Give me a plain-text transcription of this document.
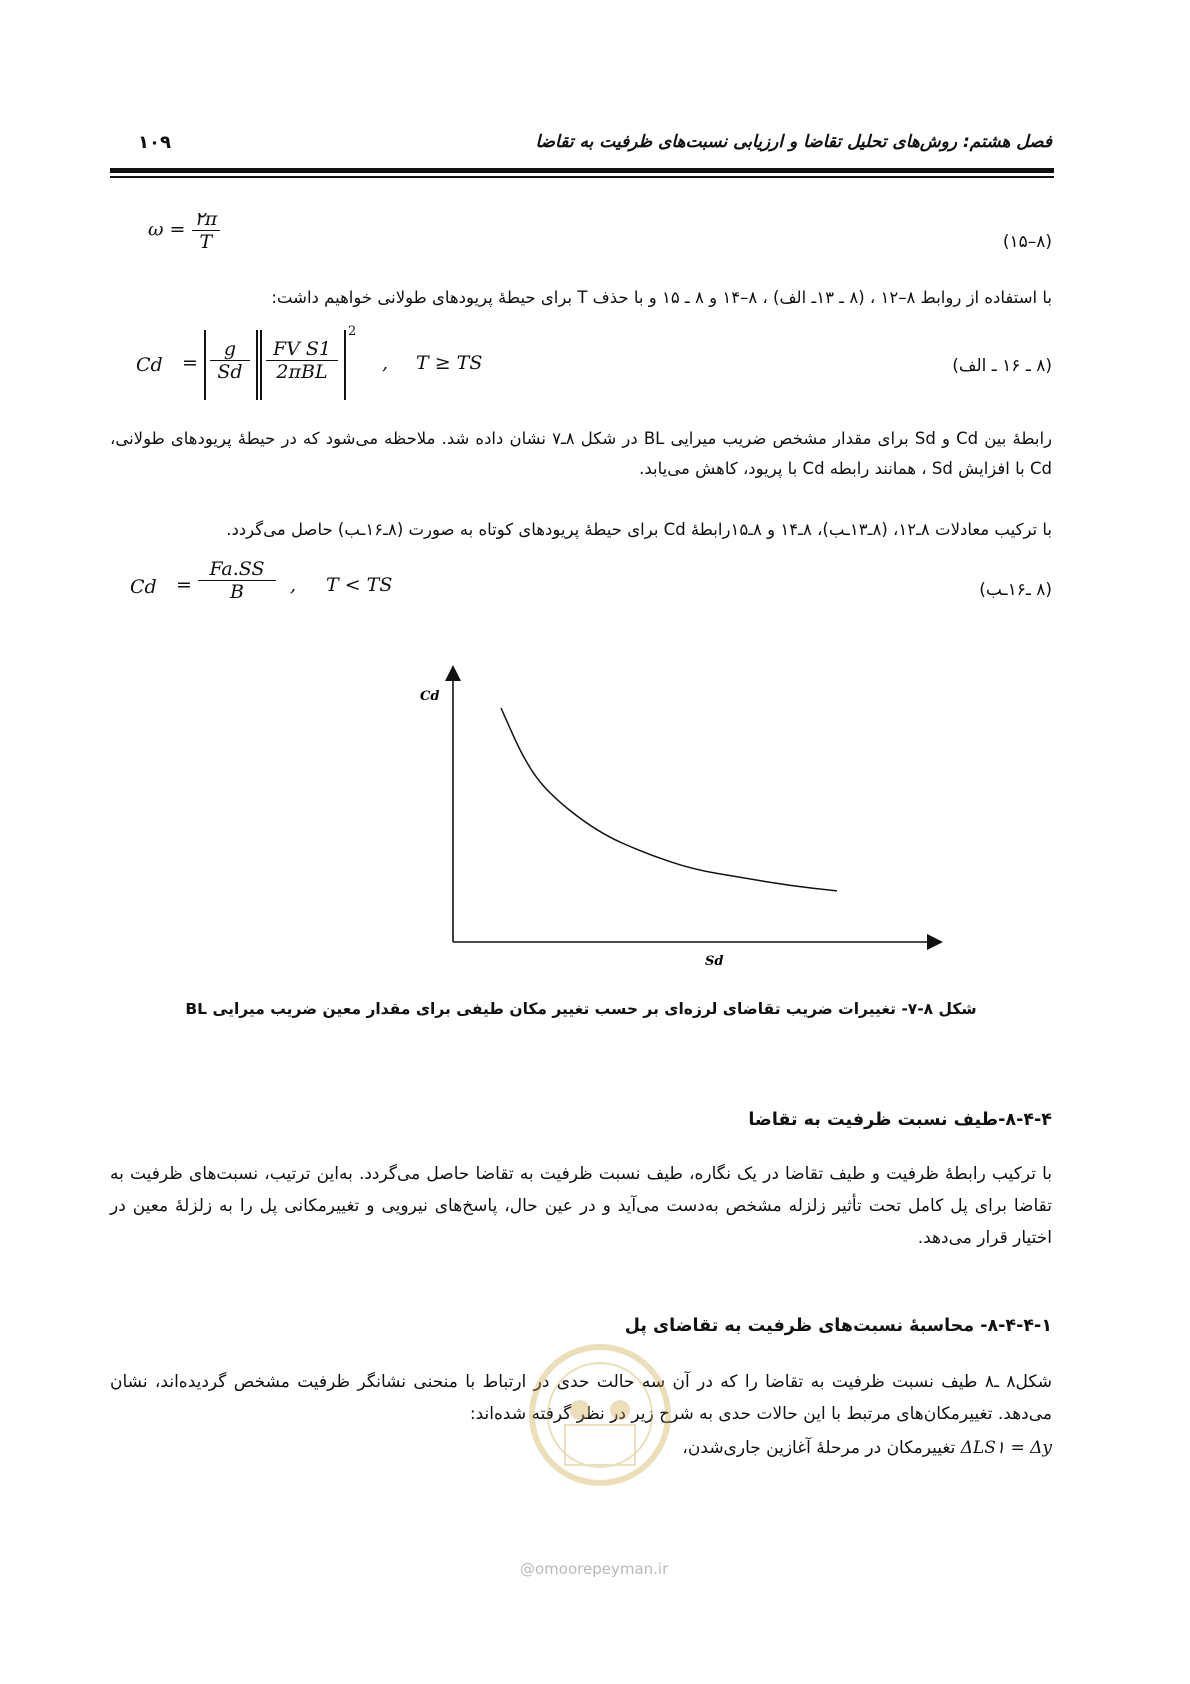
فصل هشتم: روش‌های تحلیل تقاضا و ارزیابی نسبت‌های ظرفیت به تقاضا
۱۰۹
$\omega = \frac{۲\pi}{T}$	(۸–۱۵)
با استفاده از روابط ۸–۱۲ ، (۸ ـ ۱۳ـ الف) ، ۸–۱۴ و ۸ ـ ۱۵ و با حذف T برای حیطهٔ پریودهای طولانی خواهیم داشت:
$Cd = \frac{g}{Sd}$	FV S1
2πBL
2
, T ≥ TS	(۸ ـ ۱۶ ـ الف)
رابطهٔ بین Cd و Sd برای مقدار مشخص ضریب میرایی BL در شکل ۸ـ۷ نشان داده شد. ملاحظه می‌شود که در حیطهٔ پریودهای طولانی، Cd با افزایش Sd ، همانند رابطه Cd با پریود، کاهش می‌یابد.
با ترکیب معادلات ۸ـ۱۲، (۸ـ۱۳ـب)، ۸ـ۱۴ و ۸ـ۱۵رابطهٔ Cd برای حیطهٔ پریودهای کوتاه به صورت (۸ـ۱۶ـب) حاصل می‌گردد.
$Cd = \frac{Fa.SS}{B}$ , T < TS	(۸ ـ۱۶ـب)
Cd
Sd
شکل ۸-۷- تغییرات ضریب تقاضای لرزه‌ای بر حسب تغییر مکان طیفی برای مقدار معین ضریب میرایی BL
۸-۴-۴-طیف نسبت ظرفیت به تقاضا
با ترکیب رابطهٔ ظرفیت و طیف تقاضا در یک نگاره، طیف نسبت ظرفیت به تقاضا حاصل می‌گردد. به‌این ترتیب، نسبت‌های ظرفیت به تقاضا برای پل کامل تحت تأثیر زلزله مشخص به‌دست می‌آید و در عین حال، پاسخ‌های نیرویی و تغییرمکانی پل را به زلزلهٔ معین در اختیار قرار می‌دهد.
۸-۴-۴-۱- محاسبهٔ نسبت‌های ظرفیت به تقاضای پل
شکل۸ ـ۸ طیف نسبت ظرفیت به تقاضا را که در آن سه حالت حدی در ارتباط با منحنی نشانگر ظرفیت مشخص گردیده‌اند، نشان می‌دهد. تغییرمکان‌های مرتبط با این حالات حدی به شرح زیر در نظر گرفته شده‌اند:
ΔLS۱ = Δy تغییرمکان در مرحلهٔ آغازین جاری‌شدن،
@omoorepeyman.ir
